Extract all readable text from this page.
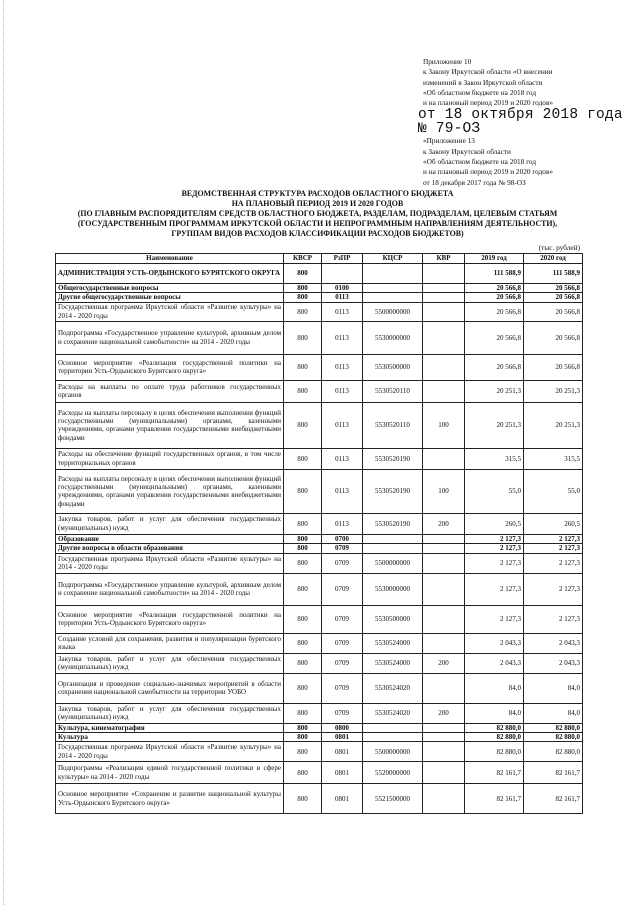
Приложение 10
к Закону Иркутской области «О внесении
изменений в Закон Иркутской области
«Об областном бюджете на 2018 год
и на плановый период 2019 и 2020 годов»
от 18 октября 2018 года
№ 79-ОЗ
«Приложение 13
к Закону Иркутской области
«Об областном бюджете на 2018 год
и на плановый период 2019 и 2020 годов»
от 18 декабря 2017 года № 98-ОЗ
ВЕДОМСТВЕННАЯ СТРУКТУРА РАСХОДОВ ОБЛАСТНОГО БЮДЖЕТА
НА ПЛАНОВЫЙ ПЕРИОД 2019 И 2020 ГОДОВ
(ПО ГЛАВНЫМ РАСПОРЯДИТЕЛЯМ СРЕДСТВ ОБЛАСТНОГО БЮДЖЕТА, РАЗДЕЛАМ, ПОДРАЗДЕЛАМ, ЦЕЛЕВЫМ СТАТЬЯМ
(ГОСУДАРСТВЕННЫМ ПРОГРАММАМ ИРКУТСКОЙ ОБЛАСТИ И НЕПРОГРАММНЫМ НАПРАВЛЕНИЯМ ДЕЯТЕЛЬНОСТИ),
ГРУППАМ ВИДОВ РАСХОДОВ КЛАССИФИКАЦИИ РАСХОДОВ БЮДЖЕТОВ)
(тыс. рублей)
Наименование	КВСР	РзПР	КЦСР	КВР	2019 год	2020 год
АДМИНИСТРАЦИЯ УСТЬ-ОРДЫНСКОГО БУРЯТСКОГО ОКРУГА	800				111 588,9	111 588,9
Общегосударственные вопросы	800	0100			20 566,8	20 566,8
Другие общегосударственные вопросы	800	0113			20 566,8	20 566,8
Государственная программа Иркутской области «Развитие культуры» на 2014 - 2020 годы	800	0113	5500000000		20 566,8	20 566,8
Подпрограмма «Государственное управление культурой, архивным делом и сохранение национальной самобытности» на 2014 - 2020 годы	800	0113	5530000000		20 566,8	20 566,8
Основное мероприятие «Реализация государственной политики на территории Усть-Ордынского Бурятского округа»	800	0113	5530500000		20 566,8	20 566,8
Расходы на выплаты по оплате труда работников государственных органов	800	0113	5530520110		20 251,3	20 251,3
Расходы на выплаты персоналу в целях обеспечения выполнения функций государственными (муниципальными) органами, казенными учреждениями, органами управления государственными внебюджетными фондами	800	0113	5530520110	100	20 251,3	20 251,3
Расходы на обеспечение функций государственных органов, в том числе территориальных органов	800	0113	5530520190		315,5	315,5
Расходы на выплаты персоналу в целях обеспечения выполнения функций государственными (муниципальными) органами, казенными учреждениями, органами управления государственными внебюджетными фондами	800	0113	5530520190	100	55,0	55,0
Закупка товаров, работ и услуг для обеспечения государственных (муниципальных) нужд	800	0113	5530520190	200	260,5	260,5
Образование	800	0700			2 127,3	2 127,3
Другие вопросы в области образования	800	0709			2 127,3	2 127,3
Государственная программа Иркутской области «Развитие культуры» на 2014 - 2020 годы	800	0709	5500000000		2 127,3	2 127,3
Подпрограмма «Государственное управление культурой, архивным делом и сохранение национальной самобытности» на 2014 - 2020 годы	800	0709	5530000000		2 127,3	2 127,3
Основное мероприятие «Реализация государственной политики на территории Усть-Ордынского Бурятского округа»	800	0709	5530500000		2 127,3	2 127,3
Создание условий для сохранения, развития и популяризации бурятского языка	800	0709	5530524000		2 043,3	2 043,3
Закупка товаров, работ и услуг для обеспечения государственных (муниципальных) нужд	800	0709	5530524000	200	2 043,3	2 043,3
Организация и проведение социально-значимых мероприятий в области сохранения национальной самобытности на территории УОБО	800	0709	5530524020		84,0	84,0
Закупка товаров, работ и услуг для обеспечения государственных (муниципальных) нужд	800	0709	5530524020	200	84,0	84,0
Культура, кинематография	800	0800			82 880,0	82 880,0
Культура	800	0801			82 880,0	82 880,0
Государственная программа Иркутской области «Развитие культуры» на 2014 - 2020 годы	800	0801	5500000000		82 880,0	82 880,0
Подпрограмма «Реализация единой государственной политики в сфере культуры» на 2014 - 2020 годы	800	0801	5520000000		82 161,7	82 161,7
Основное мероприятие «Сохранение и развитие национальной культуры Усть-Ордынского Бурятского округа»	800	0801	5521500000		82 161,7	82 161,7
